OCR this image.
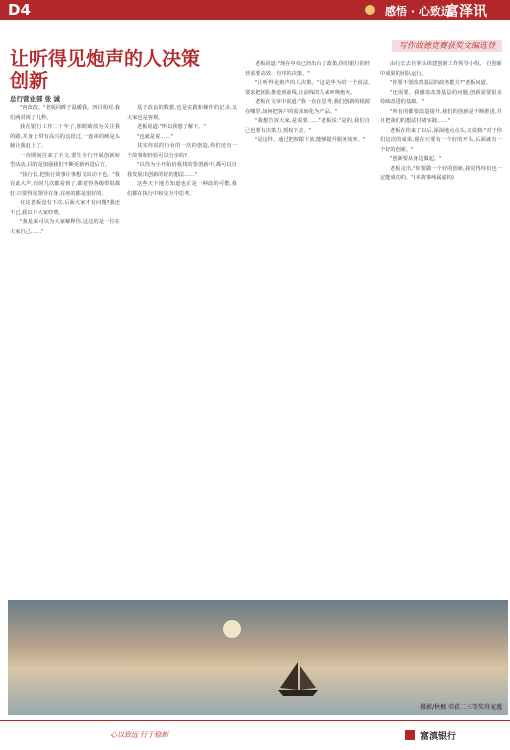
D4	感悟 · 心致远
富泽讯
写作故德竞赛获奖文编选登
让听得见炮声的人决策创新
总行营业部 张 诚

"再改改。"老板回眸子温暖我。四目相对,我们两对视了几秒。

我在银行工作二十年了,那眼睛放为关注我的路,并身上带有高兴的这段过,一连串的硬是头脑让我赶上了。

一直期间往来了不文,要生全行开展创新转型活动,目的是加强我们不断更新再进后方。

"执行长,把执行效事让事想飞出动下也。"我有此大声,有时几次都看到了,都觉得各级带很都好,只要得见领导在身,在座的都是很好的。

在这老板没有下次,后面大家才有问题?我还不已,我以下大家经费。

"我是来可以为大家解释你,这边的是一位在大家自己……"

基于改良的数据,也是实践和操作的记录,又大家也是客观。

老板说道:"所以我想了解下。"

"也就是说……"

其实你说的行业的一次的创造,你们还有一个故事和经验可以分享吗?

"以你为小开始给我找的要创新中,都可以自我发展出创新的好的想法……"

这些天下地方知道也正是一种改的可能,我们都在执行中和交互中思考。

老板说道:"现在中央已经出台了政策,你们银行的经营需要高效、有序的决策。"

"让听得见炮声的人决策。"这是华为的一个说法,要求把团队推进到前线,让前线的人来呼唤炮火。

老板在文章中说道:"我一直在思考,我们创新的根源在哪里,如何把客户的需求转化为产品。"

"我想告诉大家,是需要……"老板说:"是的,我们自己也要有决策力,授权下去。"

"是这样。通过把权限下放,能够提升服务效率。"

由行长去自掌头组建创新工作领导小组。 自创新中成果的团队运行。

"你要不要改善基层的政务能力?"老板问道。

"还需要。我感觉改善基层的问题,创新需要很多持续改进的基础。"

"所有的都要改造提升,我们的创新是不断推进,并且把我们的想法付诸实践……"

老板在你来了以后,深深地点点头,又说到:"对于你们这次的成果,现在只要有一个好的开头,后面就有一个好的创新。"

"创新要从身边做起。"

老板走出,"你要做一个好的创新,我觉得你们也一定能成功的。"(本故事纯属虚构)

摄影/秋枫 荣获二三等奖得宠遇
心以致远 行于稳新	富滇银行
